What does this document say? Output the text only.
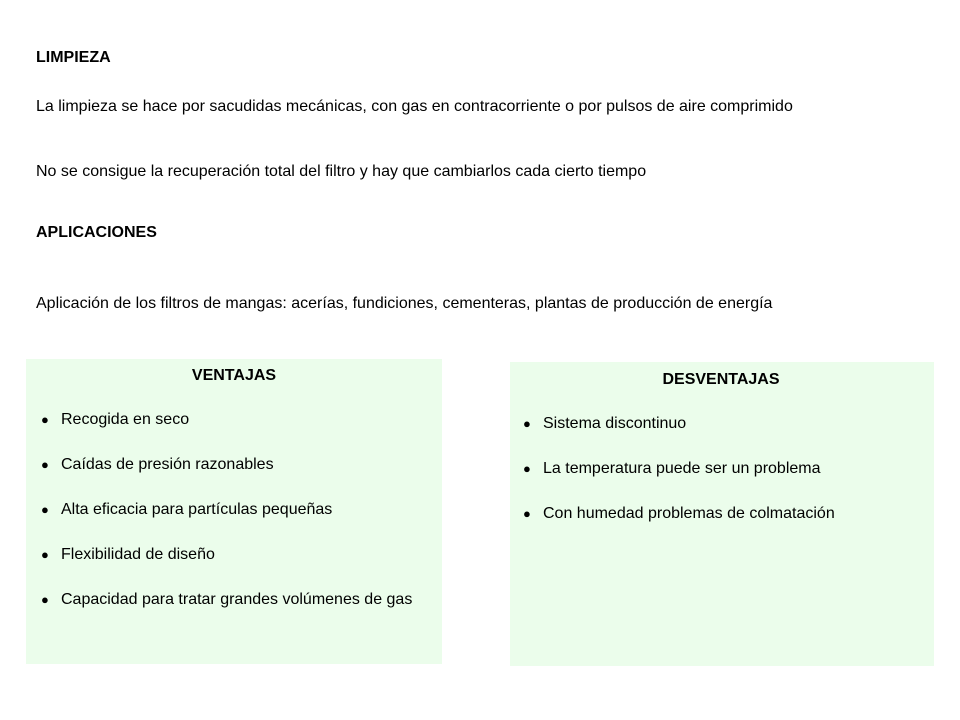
LIMPIEZA
La limpieza se hace por sacudidas mecánicas, con gas en contracorriente o por pulsos de aire comprimido
No se consigue la recuperación total del filtro y hay que cambiarlos cada cierto tiempo
APLICACIONES
Aplicación de los filtros de mangas: acerías, fundiciones, cementeras, plantas de producción de energía
VENTAJAS
● Recogida en seco
● Caídas de presión razonables
● Alta eficacia para partículas pequeñas
● Flexibilidad de diseño
● Capacidad para tratar grandes volúmenes de gas
DESVENTAJAS
● Sistema discontinuo
● La temperatura puede ser un problema
● Con humedad problemas de colmatación
